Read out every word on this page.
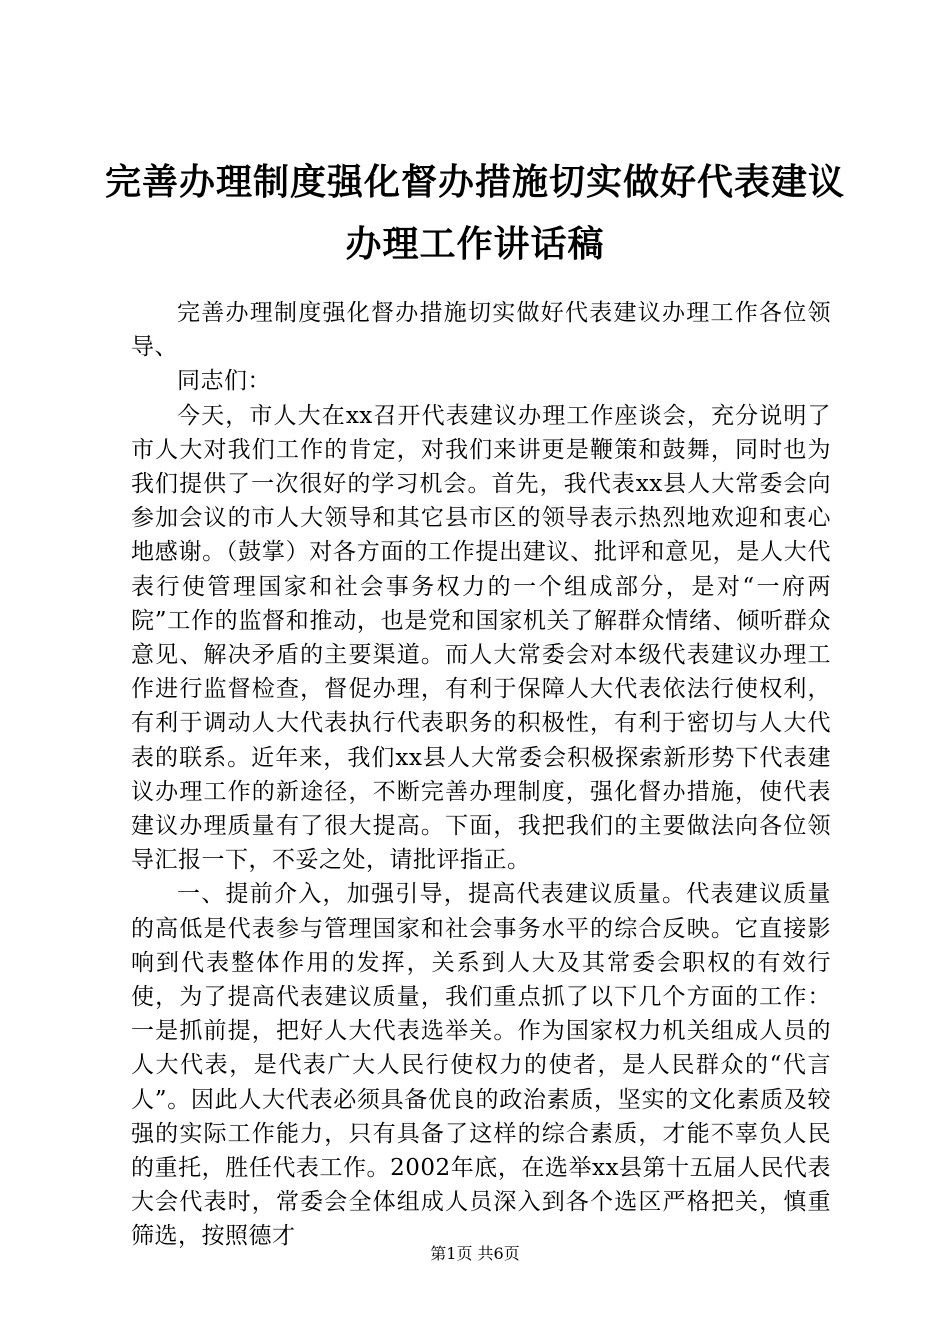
完善办理制度强化督办措施切实做好代表建议
办理工作讲话稿

完善办理制度强化督办措施切实做好代表建议办理工作各位领导、

同志们：

今天，市人大在xx召开代表建议办理工作座谈会，充分说明了市人大对我们工作的肯定，对我们来讲更是鞭策和鼓舞，同时也为我们提供了一次很好的学习机会。首先，我代表xx县人大常委会向参加会议的市人大领导和其它县市区的领导表示热烈地欢迎和衷心地感谢。（鼓掌）对各方面的工作提出建议、批评和意见，是人大代表行使管理国家和社会事务权力的一个组成部分，是对“一府两院”工作的监督和推动，也是党和国家机关了解群众情绪、倾听群众意见、解决矛盾的主要渠道。而人大常委会对本级代表建议办理工作进行监督检查，督促办理，有利于保障人大代表依法行使权利，有利于调动人大代表执行代表职务的积极性，有利于密切与人大代表的联系。近年来，我们xx县人大常委会积极探索新形势下代表建议办理工作的新途径，不断完善办理制度，强化督办措施，使代表建议办理质量有了很大提高。下面，我把我们的主要做法向各位领导汇报一下，不妥之处，请批评指正。

一、提前介入，加强引导，提高代表建议质量。代表建议质量的高低是代表参与管理国家和社会事务水平的综合反映。它直接影响到代表整体作用的发挥，关系到人大及其常委会职权的有效行使，为了提高代表建议质量，我们重点抓了以下几个方面的工作：一是抓前提，把好人大代表选举关。作为国家权力机关组成人员的人大代表，是代表广大人民行使权力的使者，是人民群众的“代言人”。因此人大代表必须具备优良的政治素质，坚实的文化素质及较强的实际工作能力，只有具备了这样的综合素质，才能不辜负人民的重托，胜任代表工作。2002年底，在选举xx县第十五届人民代表大会代表时，常委会全体组成人员深入到各个选区严格把关，慎重筛选，按照德才

第1页 共6页
